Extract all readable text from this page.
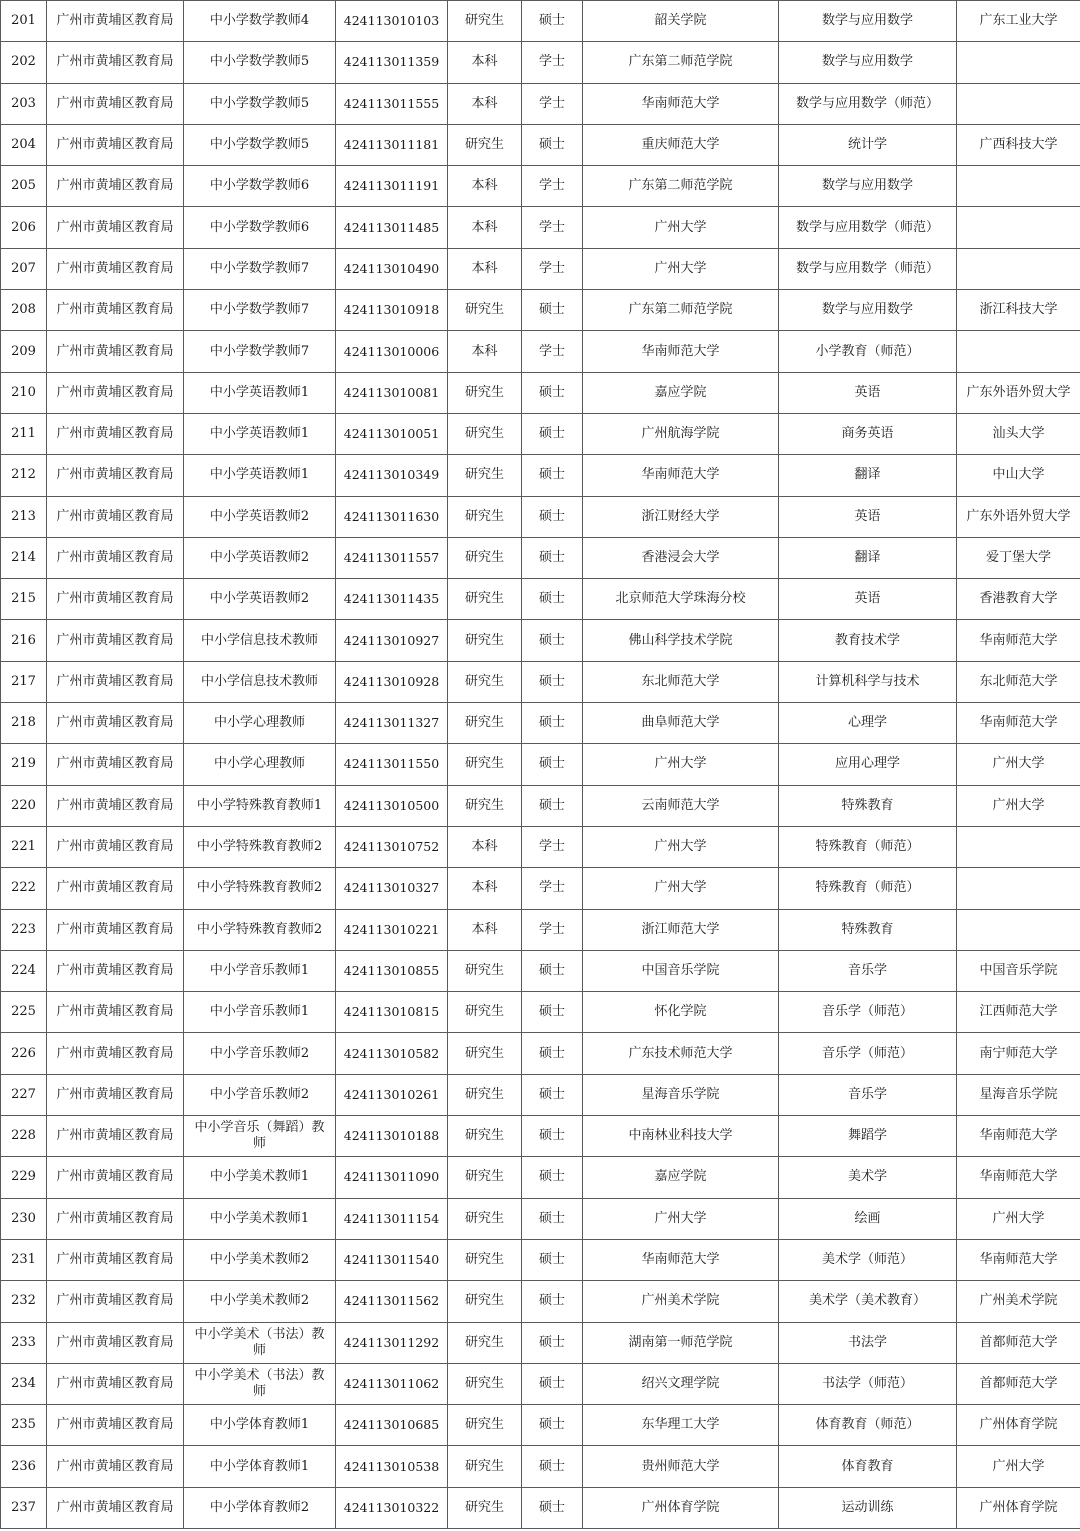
201	广州市黄埔区教育局	中小学数学教师4	424113010103	研究生	硕士	韶关学院	数学与应用数学	广东工业大学
202	广州市黄埔区教育局	中小学数学教师5	424113011359	本科	学士	广东第二师范学院	数学与应用数学	
203	广州市黄埔区教育局	中小学数学教师5	424113011555	本科	学士	华南师范大学	数学与应用数学（师范）	
204	广州市黄埔区教育局	中小学数学教师5	424113011181	研究生	硕士	重庆师范大学	统计学	广西科技大学
205	广州市黄埔区教育局	中小学数学教师6	424113011191	本科	学士	广东第二师范学院	数学与应用数学	
206	广州市黄埔区教育局	中小学数学教师6	424113011485	本科	学士	广州大学	数学与应用数学（师范）	
207	广州市黄埔区教育局	中小学数学教师7	424113010490	本科	学士	广州大学	数学与应用数学（师范）	
208	广州市黄埔区教育局	中小学数学教师7	424113010918	研究生	硕士	广东第二师范学院	数学与应用数学	浙江科技大学
209	广州市黄埔区教育局	中小学数学教师7	424113010006	本科	学士	华南师范大学	小学教育（师范）	
210	广州市黄埔区教育局	中小学英语教师1	424113010081	研究生	硕士	嘉应学院	英语	广东外语外贸大学
211	广州市黄埔区教育局	中小学英语教师1	424113010051	研究生	硕士	广州航海学院	商务英语	汕头大学
212	广州市黄埔区教育局	中小学英语教师1	424113010349	研究生	硕士	华南师范大学	翻译	中山大学
213	广州市黄埔区教育局	中小学英语教师2	424113011630	研究生	硕士	浙江财经大学	英语	广东外语外贸大学
214	广州市黄埔区教育局	中小学英语教师2	424113011557	研究生	硕士	香港浸会大学	翻译	爱丁堡大学
215	广州市黄埔区教育局	中小学英语教师2	424113011435	研究生	硕士	北京师范大学珠海分校	英语	香港教育大学
216	广州市黄埔区教育局	中小学信息技术教师	424113010927	研究生	硕士	佛山科学技术学院	教育技术学	华南师范大学
217	广州市黄埔区教育局	中小学信息技术教师	424113010928	研究生	硕士	东北师范大学	计算机科学与技术	东北师范大学
218	广州市黄埔区教育局	中小学心理教师	424113011327	研究生	硕士	曲阜师范大学	心理学	华南师范大学
219	广州市黄埔区教育局	中小学心理教师	424113011550	研究生	硕士	广州大学	应用心理学	广州大学
220	广州市黄埔区教育局	中小学特殊教育教师1	424113010500	研究生	硕士	云南师范大学	特殊教育	广州大学
221	广州市黄埔区教育局	中小学特殊教育教师2	424113010752	本科	学士	广州大学	特殊教育（师范）	
222	广州市黄埔区教育局	中小学特殊教育教师2	424113010327	本科	学士	广州大学	特殊教育（师范）	
223	广州市黄埔区教育局	中小学特殊教育教师2	424113010221	本科	学士	浙江师范大学	特殊教育	
224	广州市黄埔区教育局	中小学音乐教师1	424113010855	研究生	硕士	中国音乐学院	音乐学	中国音乐学院
225	广州市黄埔区教育局	中小学音乐教师1	424113010815	研究生	硕士	怀化学院	音乐学（师范）	江西师范大学
226	广州市黄埔区教育局	中小学音乐教师2	424113010582	研究生	硕士	广东技术师范大学	音乐学（师范）	南宁师范大学
227	广州市黄埔区教育局	中小学音乐教师2	424113010261	研究生	硕士	星海音乐学院	音乐学	星海音乐学院
228	广州市黄埔区教育局	中小学音乐（舞蹈）教师	424113010188	研究生	硕士	中南林业科技大学	舞蹈学	华南师范大学
229	广州市黄埔区教育局	中小学美术教师1	424113011090	研究生	硕士	嘉应学院	美术学	华南师范大学
230	广州市黄埔区教育局	中小学美术教师1	424113011154	研究生	硕士	广州大学	绘画	广州大学
231	广州市黄埔区教育局	中小学美术教师2	424113011540	研究生	硕士	华南师范大学	美术学（师范）	华南师范大学
232	广州市黄埔区教育局	中小学美术教师2	424113011562	研究生	硕士	广州美术学院	美术学（美术教育）	广州美术学院
233	广州市黄埔区教育局	中小学美术（书法）教师	424113011292	研究生	硕士	湖南第一师范学院	书法学	首都师范大学
234	广州市黄埔区教育局	中小学美术（书法）教师	424113011062	研究生	硕士	绍兴文理学院	书法学（师范）	首都师范大学
235	广州市黄埔区教育局	中小学体育教师1	424113010685	研究生	硕士	东华理工大学	体育教育（师范）	广州体育学院
236	广州市黄埔区教育局	中小学体育教师1	424113010538	研究生	硕士	贵州师范大学	体育教育	广州大学
237	广州市黄埔区教育局	中小学体育教师2	424113010322	研究生	硕士	广州体育学院	运动训练	广州体育学院
